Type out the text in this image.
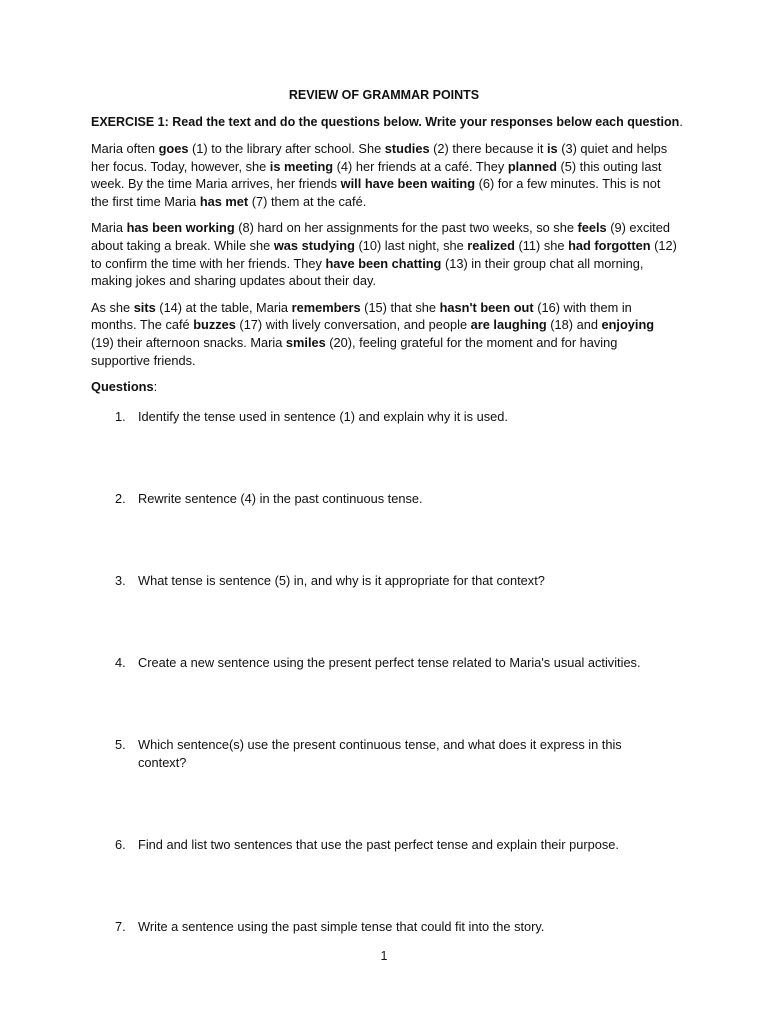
REVIEW OF GRAMMAR POINTS
EXERCISE 1: Read the text and do the questions below. Write your responses below each question.

Maria often goes (1) to the library after school. She studies (2) there because it is (3) quiet and helps her focus. Today, however, she is meeting (4) her friends at a café. They planned (5) this outing last week. By the time Maria arrives, her friends will have been waiting (6) for a few minutes. This is not the first time Maria has met (7) them at the café.

Maria has been working (8) hard on her assignments for the past two weeks, so she feels (9) excited about taking a break. While she was studying (10) last night, she realized (11) she had forgotten (12) to confirm the time with her friends. They have been chatting (13) in their group chat all morning, making jokes and sharing updates about their day.

As she sits (14) at the table, Maria remembers (15) that she hasn't been out (16) with them in months. The café buzzes (17) with lively conversation, and people are laughing (18) and enjoying (19) their afternoon snacks. Maria smiles (20), feeling grateful for the moment and for having supportive friends.

Questions:
1. Identify the tense used in sentence (1) and explain why it is used.
2. Rewrite sentence (4) in the past continuous tense.
3. What tense is sentence (5) in, and why is it appropriate for that context?
4. Create a new sentence using the present perfect tense related to Maria's usual activities.
5. Which sentence(s) use the present continuous tense, and what does it express in this context?
6. Find and list two sentences that use the past perfect tense and explain their purpose.
7. Write a sentence using the past simple tense that could fit into the story.
1
